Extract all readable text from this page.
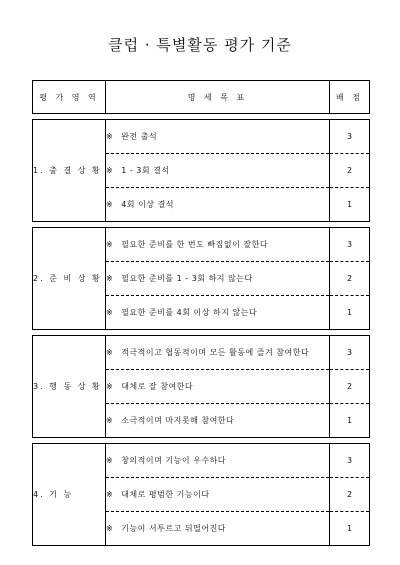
클럽 · 특별활동 평가 기준
평 가 영 역	명 세 목 표	배 점

1. 출 결 상 황	※ 완전 출석	3
	※ 1 - 3회 결석	2
	※ 4회 이상 결석	1

2. 준 비 상 황	※ 필요한 준비를 한 번도 빠짐없이 잘한다	3
	※ 필요한 준비를 1 - 3회 하지 않는다	2
	※ 필요한 준비를 4회 이상 하지 않는다	1

3. 행 동 상 황	※ 적극적이고 협동적이며 모든 활동에 즐겨 참여한다	3
	※ 대체로 잘 참여한다	2
	※ 소극적이며 마지못해 참여한다	1

4. 기 능	※ 창의적이며 기능이 우수하다	3
	※ 대체로 평범한 기능이다	2
	※ 기능이 서투르고 뒤떨어진다	1
